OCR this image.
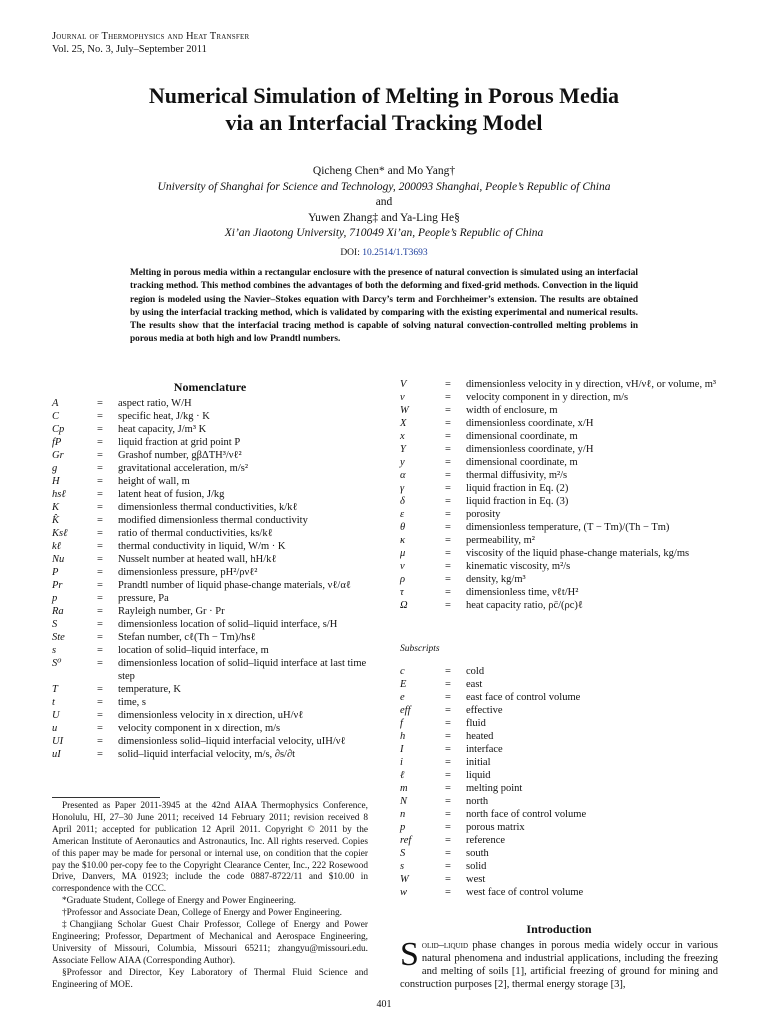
Journal of Thermophysics and Heat Transfer
Vol. 25, No. 3, July–September 2011
Numerical Simulation of Melting in Porous Media
via an Interfacial Tracking Model
Qicheng Chen* and Mo Yang†
University of Shanghai for Science and Technology, 200093 Shanghai, People’s Republic of China
and
Yuwen Zhang‡ and Ya-Ling He§
Xi’an Jiaotong University, 710049 Xi’an, People’s Republic of China
DOI: 10.2514/1.T3693
Melting in porous media within a rectangular enclosure with the presence of natural convection is simulated using an interfacial tracking method. This method combines the advantages of both the deforming and fixed-grid methods. Convection in the liquid region is modeled using the Navier–Stokes equation with Darcy’s term and Forchheimer’s extension. The results are obtained by using the interfacial tracking method, which is validated by comparing with the existing experimental and numerical results. The results show that the interfacial tracing method is capable of solving natural convection-controlled melting problems in porous media at both high and low Prandtl numbers.
Nomenclature
A	=	aspect ratio, W/H
C	=	specific heat, J/kg · K
Cp	=	heat capacity, J/m³ K
fP	=	liquid fraction at grid point P
Gr	=	Grashof number, gβΔTH³/νℓ²
g	=	gravitational acceleration, m/s²
H	=	height of wall, m
hsℓ	=	latent heat of fusion, J/kg
K	=	dimensionless thermal conductivities, k/kℓ
K̂	=	modified dimensionless thermal conductivity
Ksℓ	=	ratio of thermal conductivities, ks/kℓ
kℓ	=	thermal conductivity in liquid, W/m · K
Nu	=	Nusselt number at heated wall, hH/kℓ
P	=	dimensionless pressure, pH²/ρνℓ²
Pr	=	Prandtl number of liquid phase-change materials, νℓ/αℓ
p	=	pressure, Pa
Ra	=	Rayleigh number, Gr · Pr
S	=	dimensionless location of solid–liquid interface, s/H
Ste	=	Stefan number, cℓ(Th − Tm)/hsℓ
s	=	location of solid–liquid interface, m
S⁰	=	dimensionless location of solid–liquid interface at last time step
T	=	temperature, K
t	=	time, s
U	=	dimensionless velocity in x direction, uH/νℓ
u	=	velocity component in x direction, m/s
UI	=	dimensionless solid–liquid interfacial velocity, uIH/νℓ
uI	=	solid–liquid interfacial velocity, m/s, ∂s/∂t
V	=	dimensionless velocity in y direction, vH/νℓ, or volume, m³
v	=	velocity component in y direction, m/s
W	=	width of enclosure, m
X	=	dimensionless coordinate, x/H
x	=	dimensional coordinate, m
Y	=	dimensionless coordinate, y/H
y	=	dimensional coordinate, m
α	=	thermal diffusivity, m²/s
γ	=	liquid fraction in Eq. (2)
δ	=	liquid fraction in Eq. (3)
ε	=	porosity
θ	=	dimensionless temperature, (T − Tm)/(Th − Tm)
κ	=	permeability, m²
μ	=	viscosity of the liquid phase-change materials, kg/ms
ν	=	kinematic viscosity, m²/s
ρ	=	density, kg/m³
τ	=	dimensionless time, νℓt/H²
Ω	=	heat capacity ratio, ρc̄/(ρc)ℓ
Subscripts
c	=	cold
E	=	east
e	=	east face of control volume
eff	=	effective
f	=	fluid
h	=	heated
I	=	interface
i	=	initial
ℓ	=	liquid
m	=	melting point
N	=	north
n	=	north face of control volume
p	=	porous matrix
ref	=	reference
S	=	south
s	=	solid
W	=	west
w	=	west face of control volume
Presented as Paper 2011-3945 at the 42nd AIAA Thermophysics Conference, Honolulu, HI, 27–30 June 2011; received 14 February 2011; revision received 8 April 2011; accepted for publication 12 April 2011. Copyright © 2011 by the American Institute of Aeronautics and Astronautics, Inc. All rights reserved. Copies of this paper may be made for personal or internal use, on condition that the copier pay the $10.00 per-copy fee to the Copyright Clearance Center, Inc., 222 Rosewood Drive, Danvers, MA 01923; include the code 0887-8722/11 and $10.00 in correspondence with the CCC.
*Graduate Student, College of Energy and Power Engineering.
†Professor and Associate Dean, College of Energy and Power Engineering.
‡Changjiang Scholar Guest Chair Professor, College of Energy and Power Engineering; Professor, Department of Mechanical and Aerospace Engineering, University of Missouri, Columbia, Missouri 65211; zhangyu@missouri.edu. Associate Fellow AIAA (Corresponding Author).
§Professor and Director, Key Laboratory of Thermal Fluid Science and Engineering of MOE.
Introduction
Solid–liquid phase changes in porous media widely occur in various natural phenomena and industrial applications, including the freezing and melting of soils [1], artificial freezing of ground for mining and construction purposes [2], thermal energy storage [3],
401
